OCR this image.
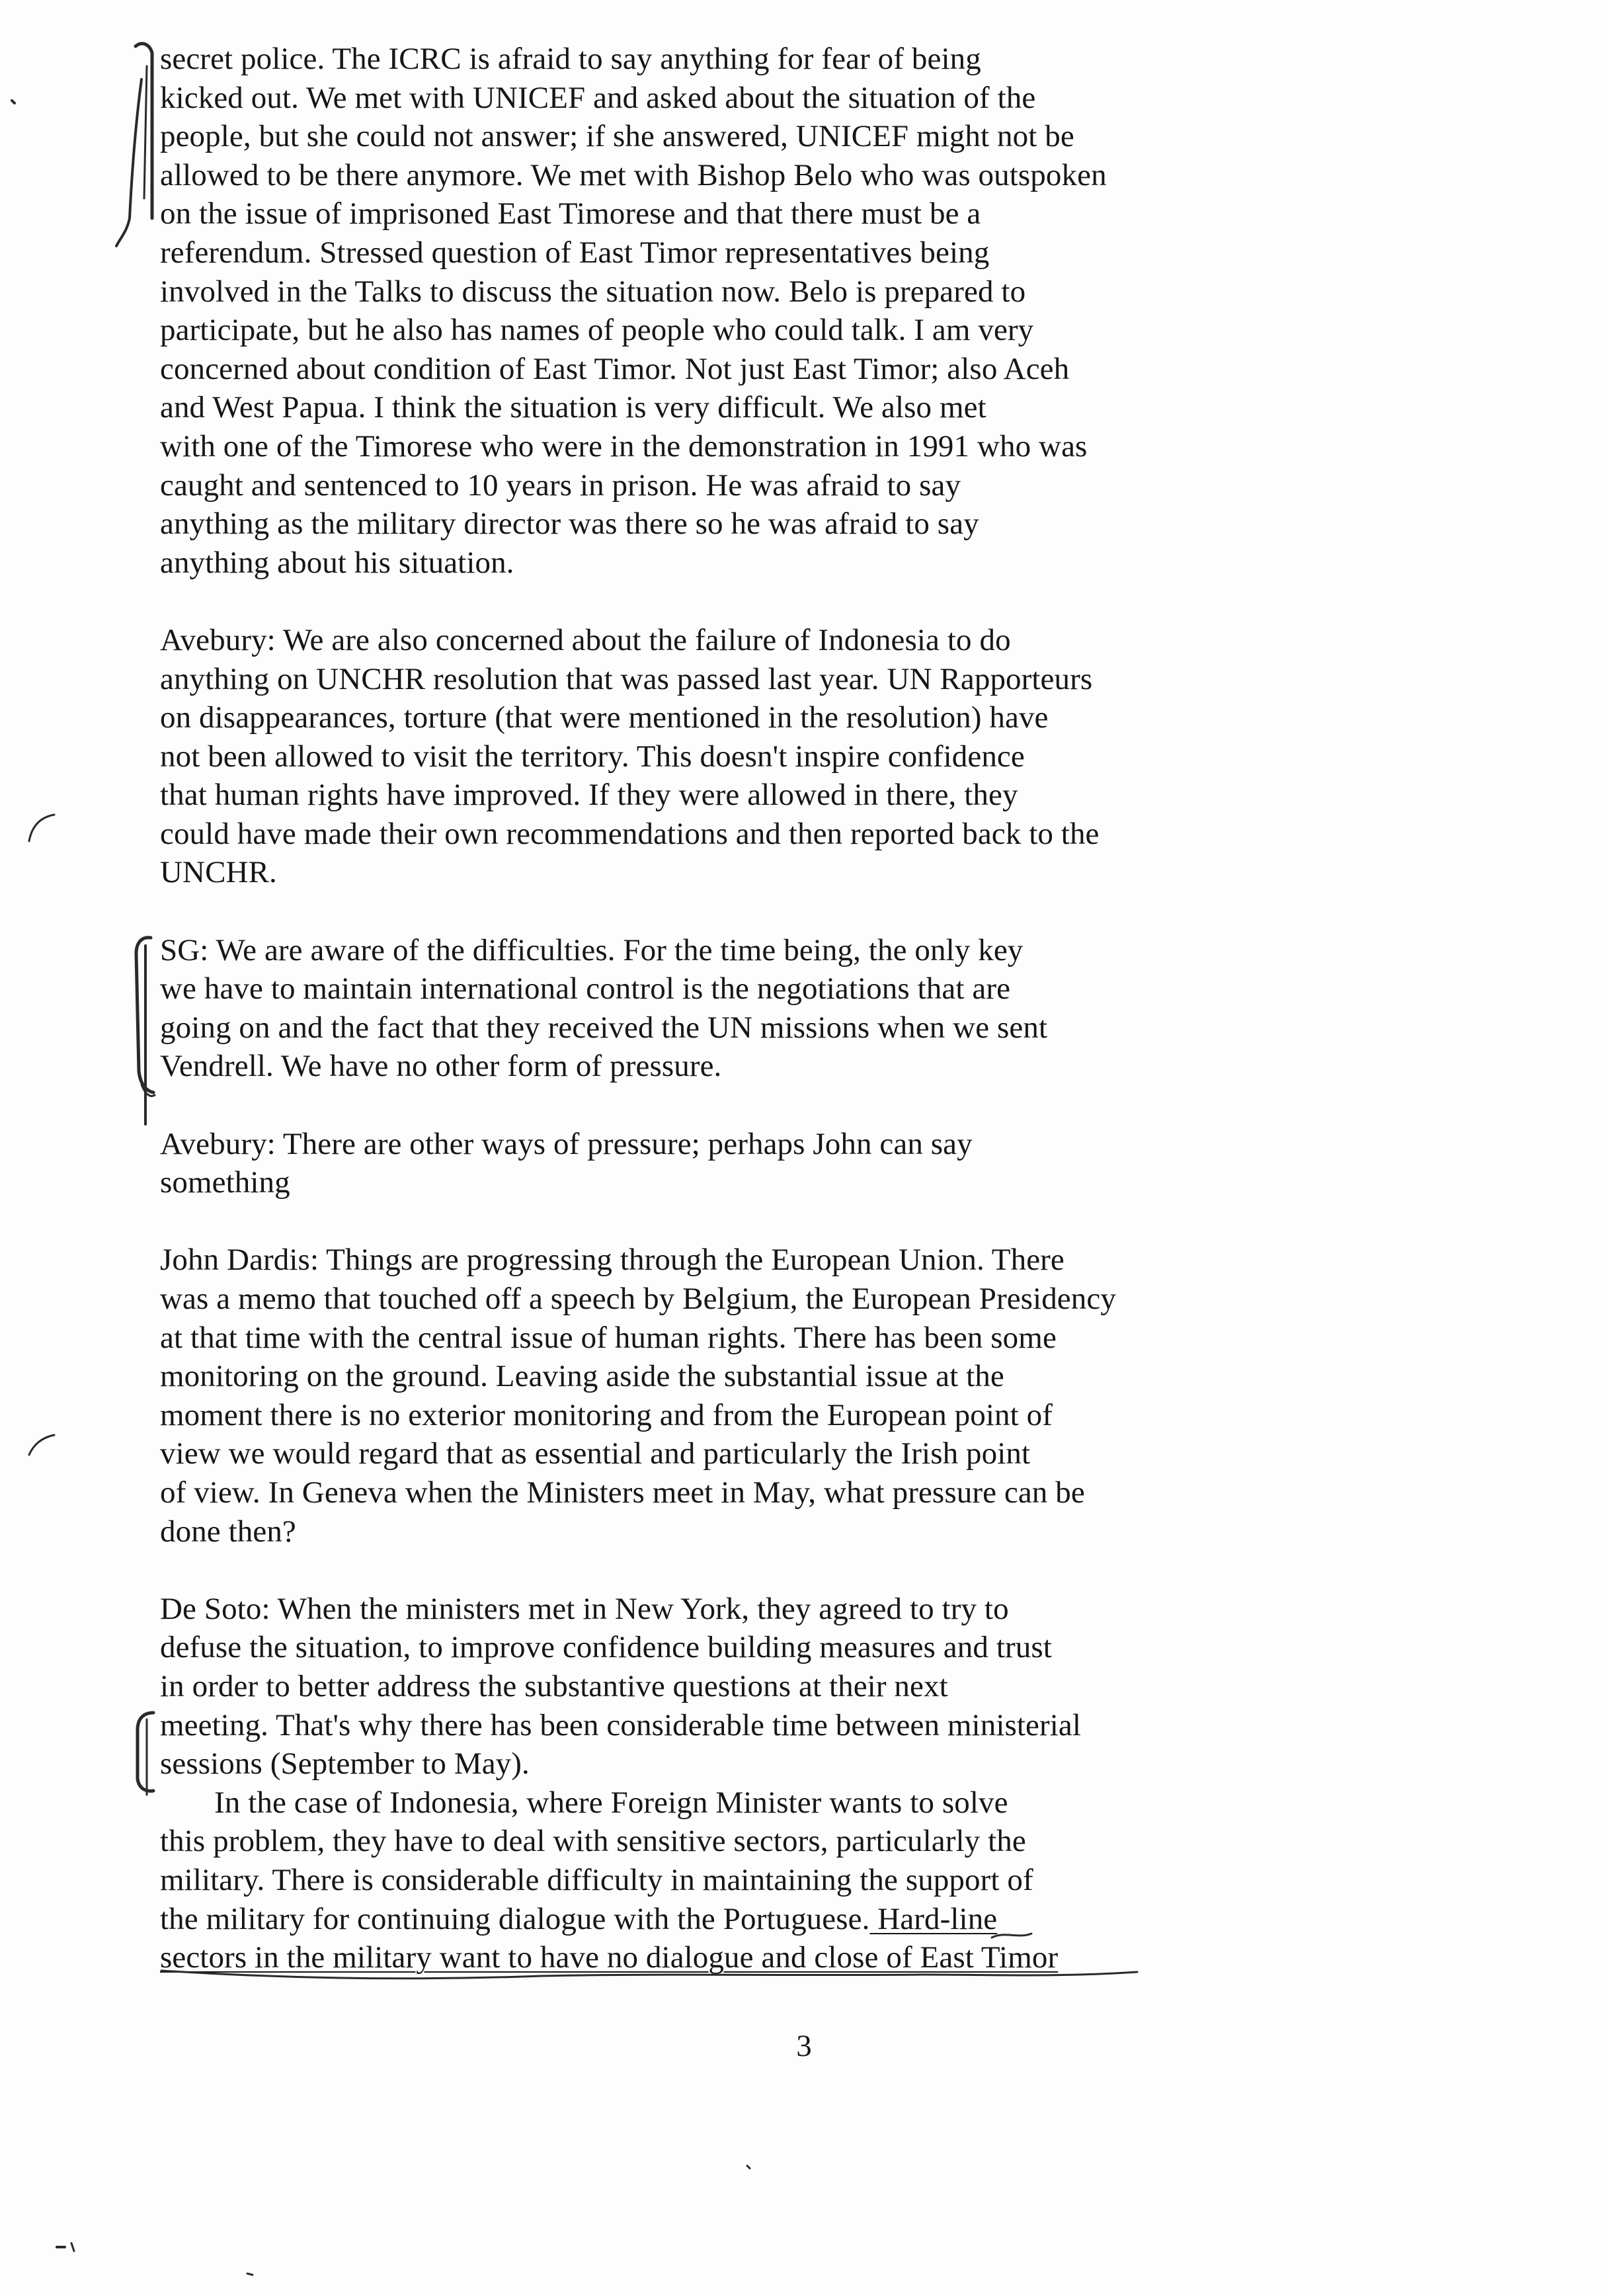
secret police. The ICRC is afraid to say anything for fear of being
kicked out. We met with UNICEF and asked about the situation of the
people, but she could not answer; if she answered, UNICEF might not be
allowed to be there anymore. We met with Bishop Belo who was outspoken
on the issue of imprisoned East Timorese and that there must be a
referendum. Stressed question of East Timor representatives being
involved in the Talks to discuss the situation now. Belo is prepared to
participate, but he also has names of people who could talk. I am very
concerned about condition of East Timor. Not just East Timor; also Aceh
and West Papua. I think the situation is very difficult. We also met
with one of the Timorese who were in the demonstration in 1991 who was
caught and sentenced to 10 years in prison. He was afraid to say
anything as the military director was there so he was afraid to say
anything about his situation.
Avebury: We are also concerned about the failure of Indonesia to do
anything on UNCHR resolution that was passed last year. UN Rapporteurs
on disappearances, torture (that were mentioned in the resolution) have
not been allowed to visit the territory. This doesn't inspire confidence
that human rights have improved. If they were allowed in there, they
could have made their own recommendations and then reported back to the
UNCHR.
SG: We are aware of the difficulties. For the time being, the only key
we have to maintain international control is the negotiations that are
going on and the fact that they received the UN missions when we sent
Vendrell. We have no other form of pressure.
Avebury: There are other ways of pressure; perhaps John can say
something
John Dardis: Things are progressing through the European Union. There
was a memo that touched off a speech by Belgium, the European Presidency
at that time with the central issue of human rights. There has been some
monitoring on the ground. Leaving aside the substantial issue at the
moment there is no exterior monitoring and from the European point of
view we would regard that as essential and particularly the Irish point
of view. In Geneva when the Ministers meet in May, what pressure can be
done then?
De Soto: When the ministers met in New York, they agreed to try to
defuse the situation, to improve confidence building measures and trust
in order to better address the substantive questions at their next
meeting. That's why there has been considerable time between ministerial
sessions (September to May).
In the case of Indonesia, where Foreign Minister wants to solve
this problem, they have to deal with sensitive sectors, particularly the
military. There is considerable difficulty in maintaining the support of
the military for continuing dialogue with the Portuguese. Hard-line
sectors in the military want to have no dialogue and close of East Timor
3
